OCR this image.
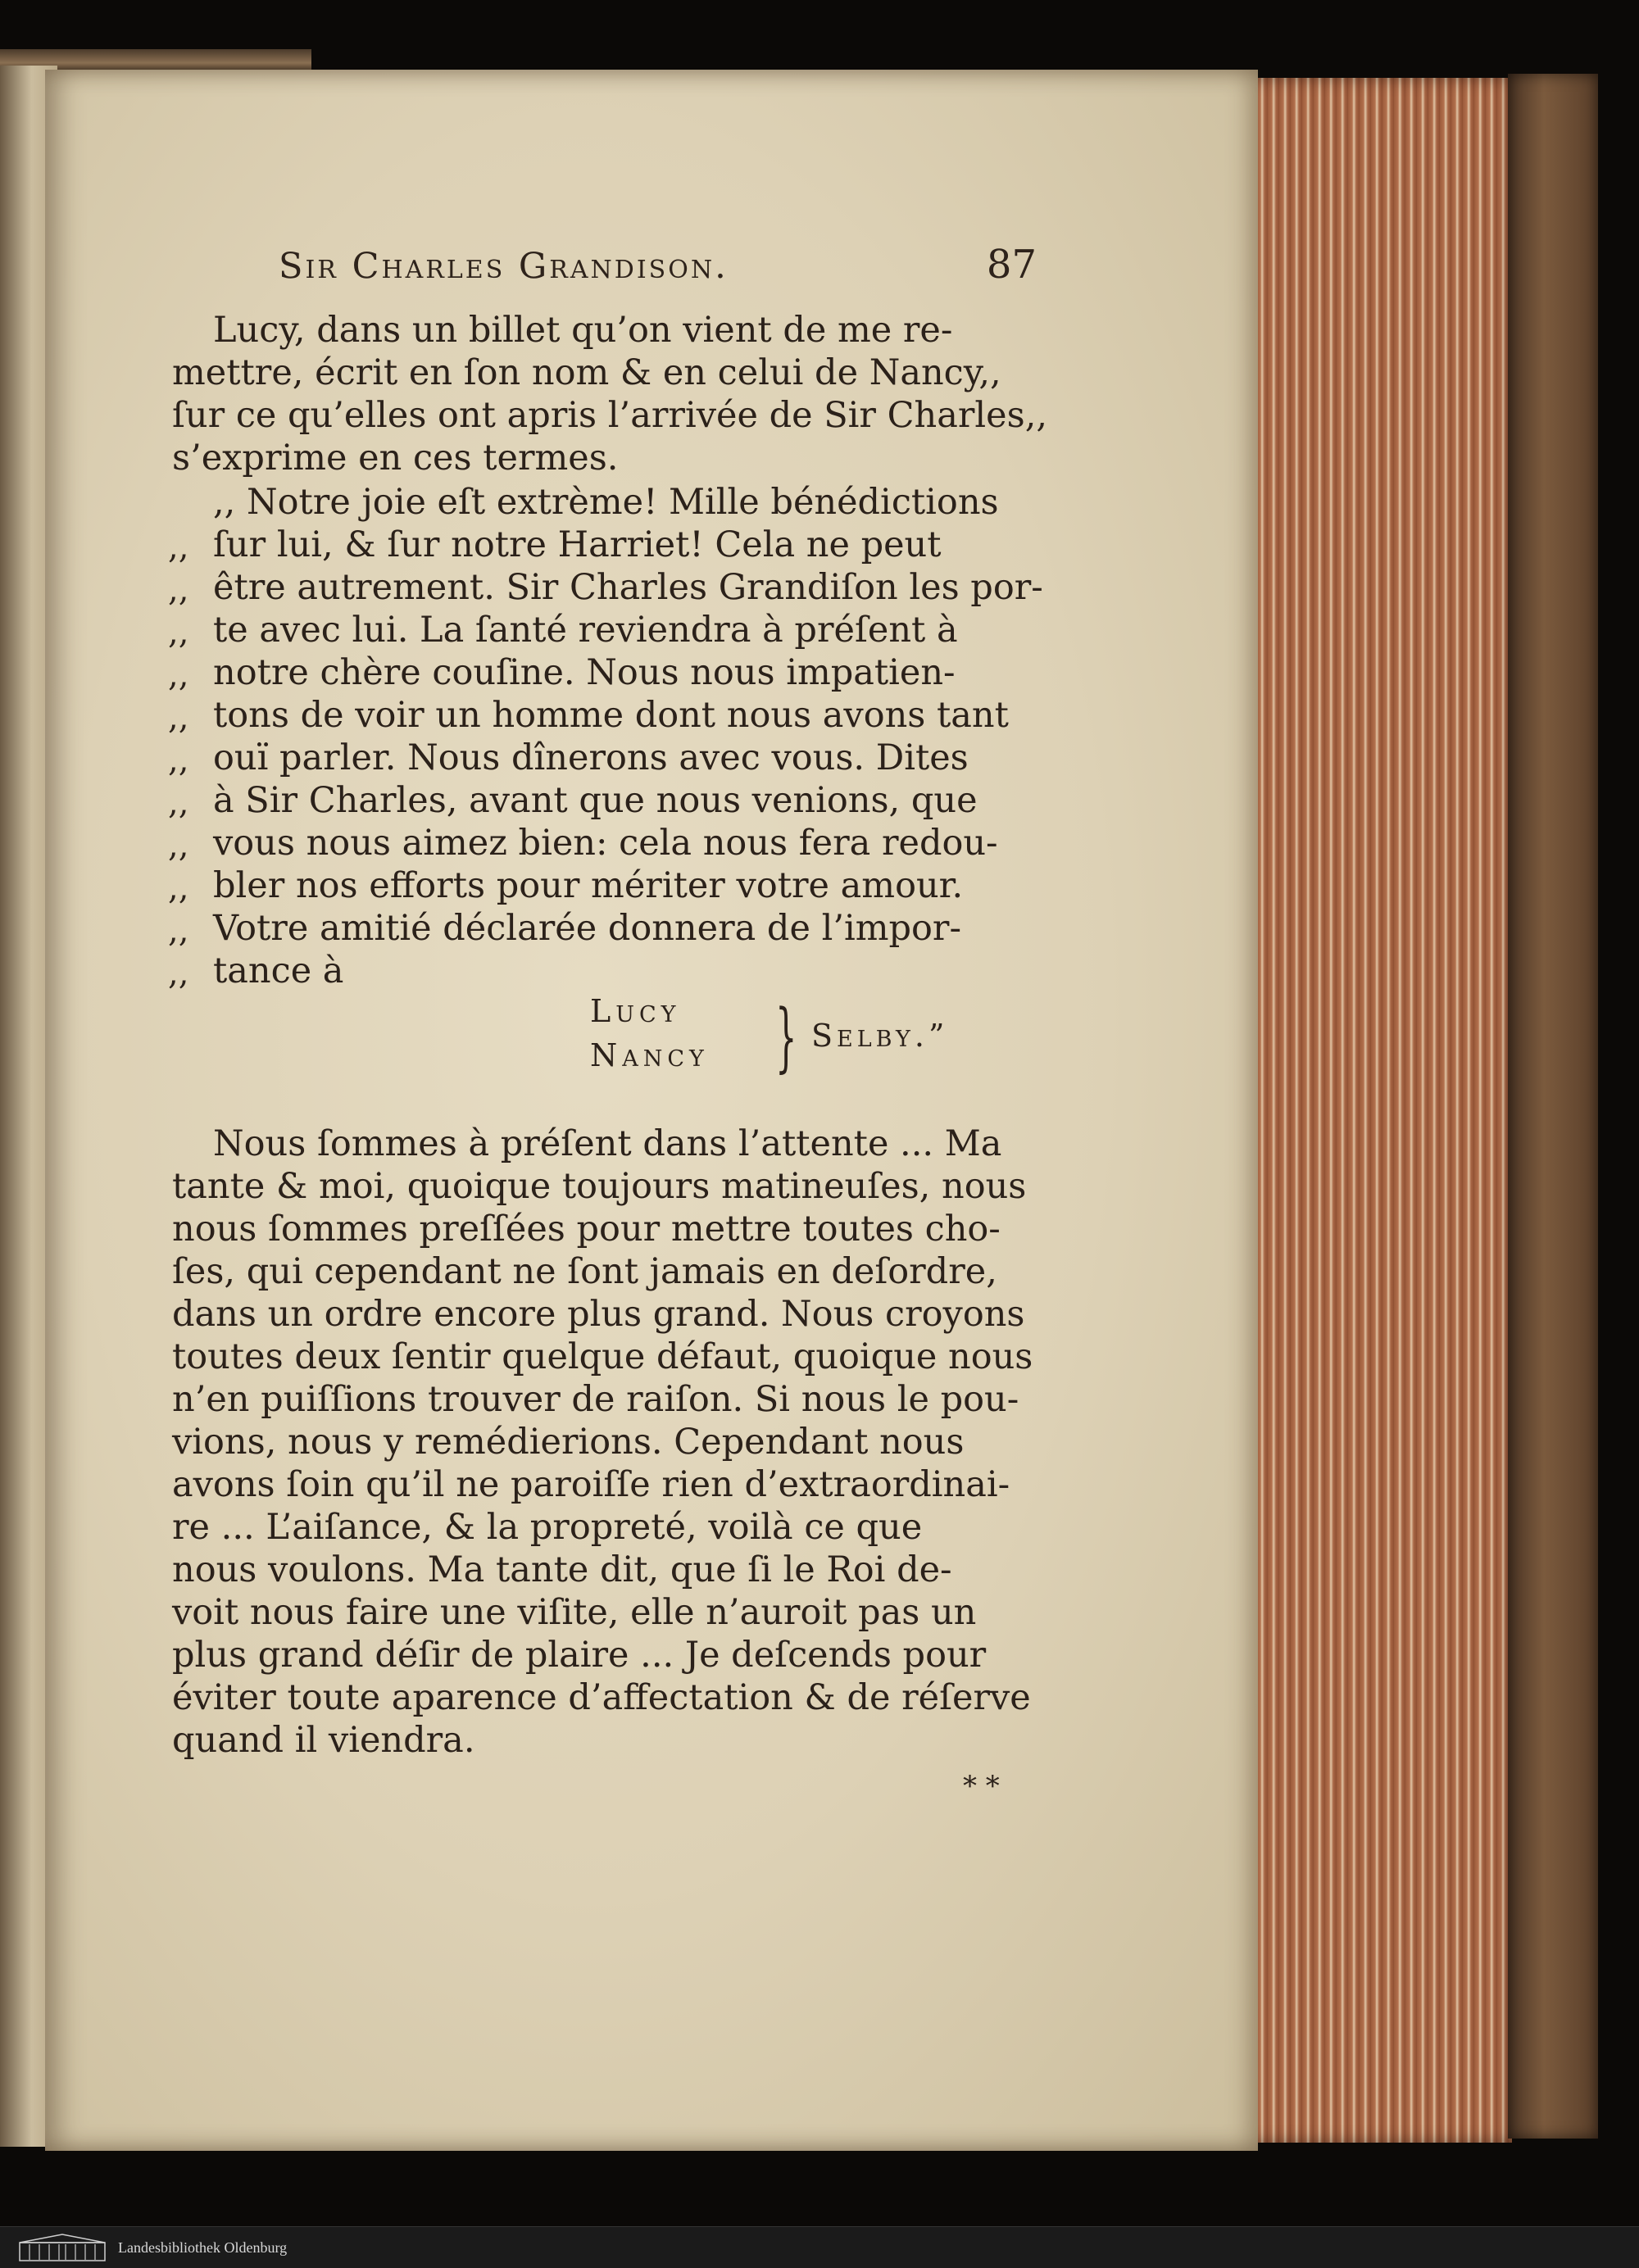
Sir Charles Grandison.	87
Lucy, dans un billet qu’on vient de me re-
mettre, écrit en ſon nom & en celui de Nancy,,
ſur ce qu’elles ont apris l’arrivée de Sir Charles,,
s’exprime en ces termes.
,, Notre joie eſt extrème! Mille bénédictions
,, ſur lui, & ſur notre Harriet! Cela ne peut
,, être autrement. Sir Charles Grandiſon les por-
,, te avec lui. La ſanté reviendra à préſent à
,, notre chère couſine. Nous nous impatien-
,, tons de voir un homme dont nous avons tant
,, ouï parler. Nous dînerons avec vous. Dites
,, à Sir Charles, avant que nous venions, que
,, vous nous aimez bien: cela nous fera redou-
,, bler nos efforts pour mériter votre amour.
,, Votre amitié déclarée donnera de l’impor-
,, tance à
Nous ſommes à préſent dans l’attente ... Ma
tante & moi, quoique toujours matineuſes, nous
nous ſommes preſſées pour mettre toutes cho-
ſes, qui cependant ne ſont jamais en deſordre,
dans un ordre encore plus grand. Nous croyons
toutes deux ſentir quelque défaut, quoique nous
n’en puiſſions trouver de raiſon. Si nous le pou-
vions, nous y remédierions. Cependant nous
avons ſoin qu’il ne paroiſſe rien d’extraordinai-
re ... L’aiſance, & la propreté, voilà ce que
nous voulons. Ma tante dit, que ſi le Roi de-
voit nous faire une viſite, elle n’auroit pas un
plus grand déſir de plaire ... Je deſcends pour
éviter toute aparence d’affectation & de réſerve
quand il viendra.
Lucy
Nancy } Selby.”
* *
Landesbibliothek Oldenburg
